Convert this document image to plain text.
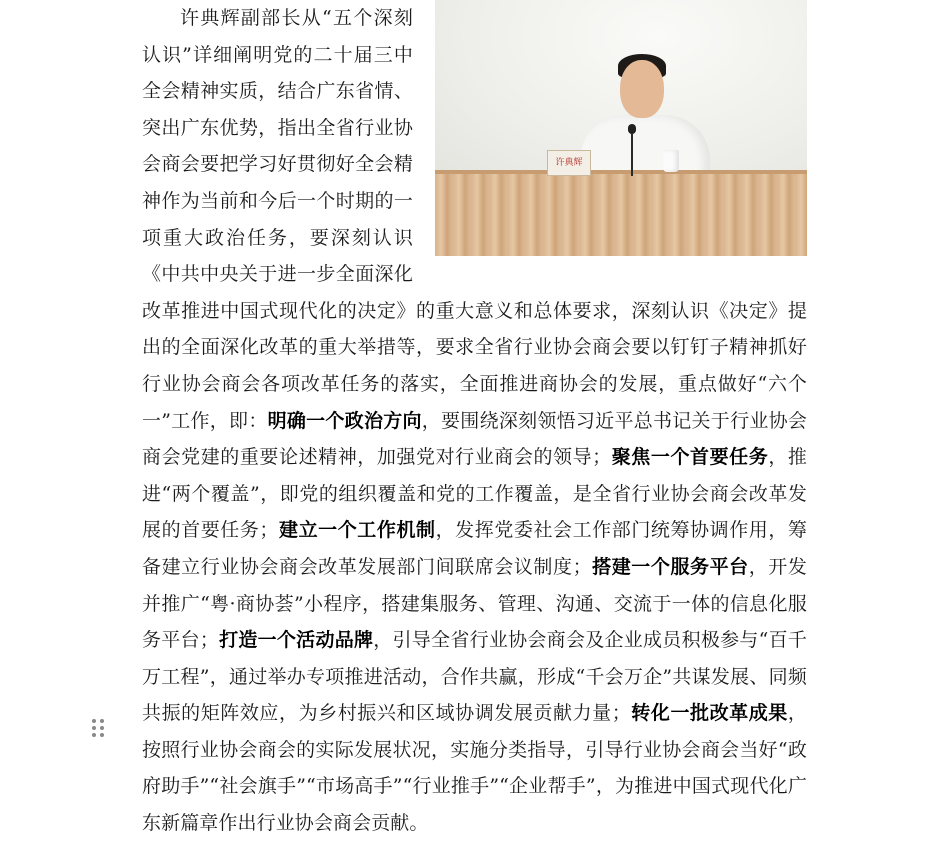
许典辉

许典辉副部长从“五个深刻认识”详细阐明党的二十届三中全会精神实质，结合广东省情、突出广东优势，指出全省行业协会商会要把学习好贯彻好全会精神作为当前和今后一个时期的一项重大政治任务，要深刻认识《中共中央关于进一步全面深化改革推进中国式现代化的决定》的重大意义和总体要求，深刻认识《决定》提出的全面深化改革的重大举措等，要求全省行业协会商会要以钉钉子精神抓好行业协会商会各项改革任务的落实，全面推进商协会的发展，重点做好“六个一”工作，即：明确一个政治方向，要围绕深刻领悟习近平总书记关于行业协会商会党建的重要论述精神，加强党对行业商会的领导；聚焦一个首要任务，推进“两个覆盖”，即党的组织覆盖和党的工作覆盖，是全省行业协会商会改革发展的首要任务；建立一个工作机制，发挥党委社会工作部门统筹协调作用，筹备建立行业协会商会改革发展部门间联席会议制度；搭建一个服务平台，开发并推广“粤·商协荟”小程序，搭建集服务、管理、沟通、交流于一体的信息化服务平台；打造一个活动品牌，引导全省行业协会商会及企业成员积极参与“百千万工程”，通过举办专项推进活动，合作共赢，形成“千会万企”共谋发展、同频共振的矩阵效应，为乡村振兴和区域协调发展贡献力量；转化一批改革成果，按照行业协会商会的实际发展状况，实施分类指导，引导行业协会商会当好“政府助手”“社会旗手”“市场高手”“行业推手”“企业帮手”，为推进中国式现代化广东新篇章作出行业协会商会贡献。
